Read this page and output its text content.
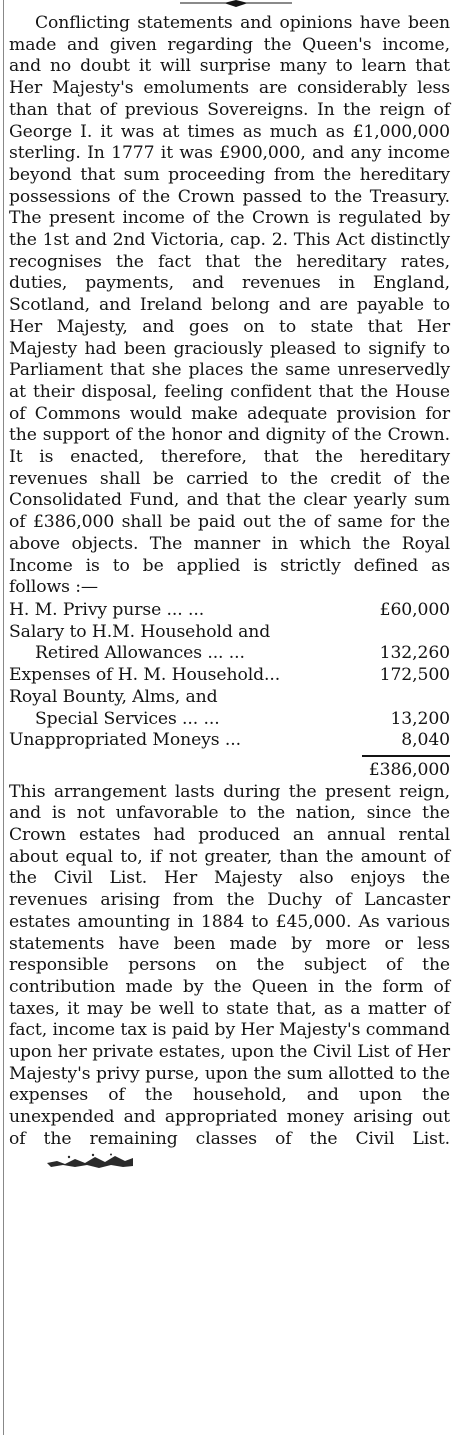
Conflicting statements and opinions have been made and given regarding the Queen's income, and no doubt it will surprise many to learn that Her Majesty's emoluments are considerably less than that of previous Sovereigns. In the reign of George I. it was at times as much as £1,000,000 sterling. In 1777 it was £900,000, and any income beyond that sum proceeding from the hereditary possessions of the Crown passed to the Treasury. The present income of the Crown is regulated by the 1st and 2nd Victoria, cap. 2. This Act distinctly recognises the fact that the hereditary rates, duties, payments, and revenues in England, Scotland, and Ireland belong and are payable to Her Majesty, and goes on to state that Her Majesty had been graciously pleased to signify to Parliament that she places the same unreservedly at their disposal, feeling confident that the House of Commons would make adequate provision for the support of the honor and dignity of the Crown. It is enacted, therefore, that the hereditary revenues shall be carried to the credit of the Consolidated Fund, and that the clear yearly sum of £386,000 shall be paid out the of same for the above objects. The manner in which the Royal Income is to be applied is strictly defined as follows :—

H. M. Privy purse ... ...	£60,000
Salary to H.M. Household and	
Retired Allowances ... ...	132,260
Expenses of H. M. Household...	172,500
Royal Bounty, Alms, and	
Special Services ... ...	13,200
Unappropriated Moneys ...	8,040

£386,000

This arrangement lasts during the present reign, and is not unfavorable to the nation, since the Crown estates had produced an annual rental about equal to, if not greater, than the amount of the Civil List. Her Majesty also enjoys the revenues arising from the Duchy of Lancaster estates amounting in 1884 to £45,000. As various statements have been made by more or less responsible persons on the subject of the contribution made by the Queen in the form of taxes, it may be well to state that, as a matter of fact, income tax is paid by Her Majesty's command upon her private estates, upon the Civil List of Her Majesty's privy purse, upon the sum allotted to the expenses of the household, and upon the unexpended and appropriated money arising out of the remaining classes of the Civil List.
